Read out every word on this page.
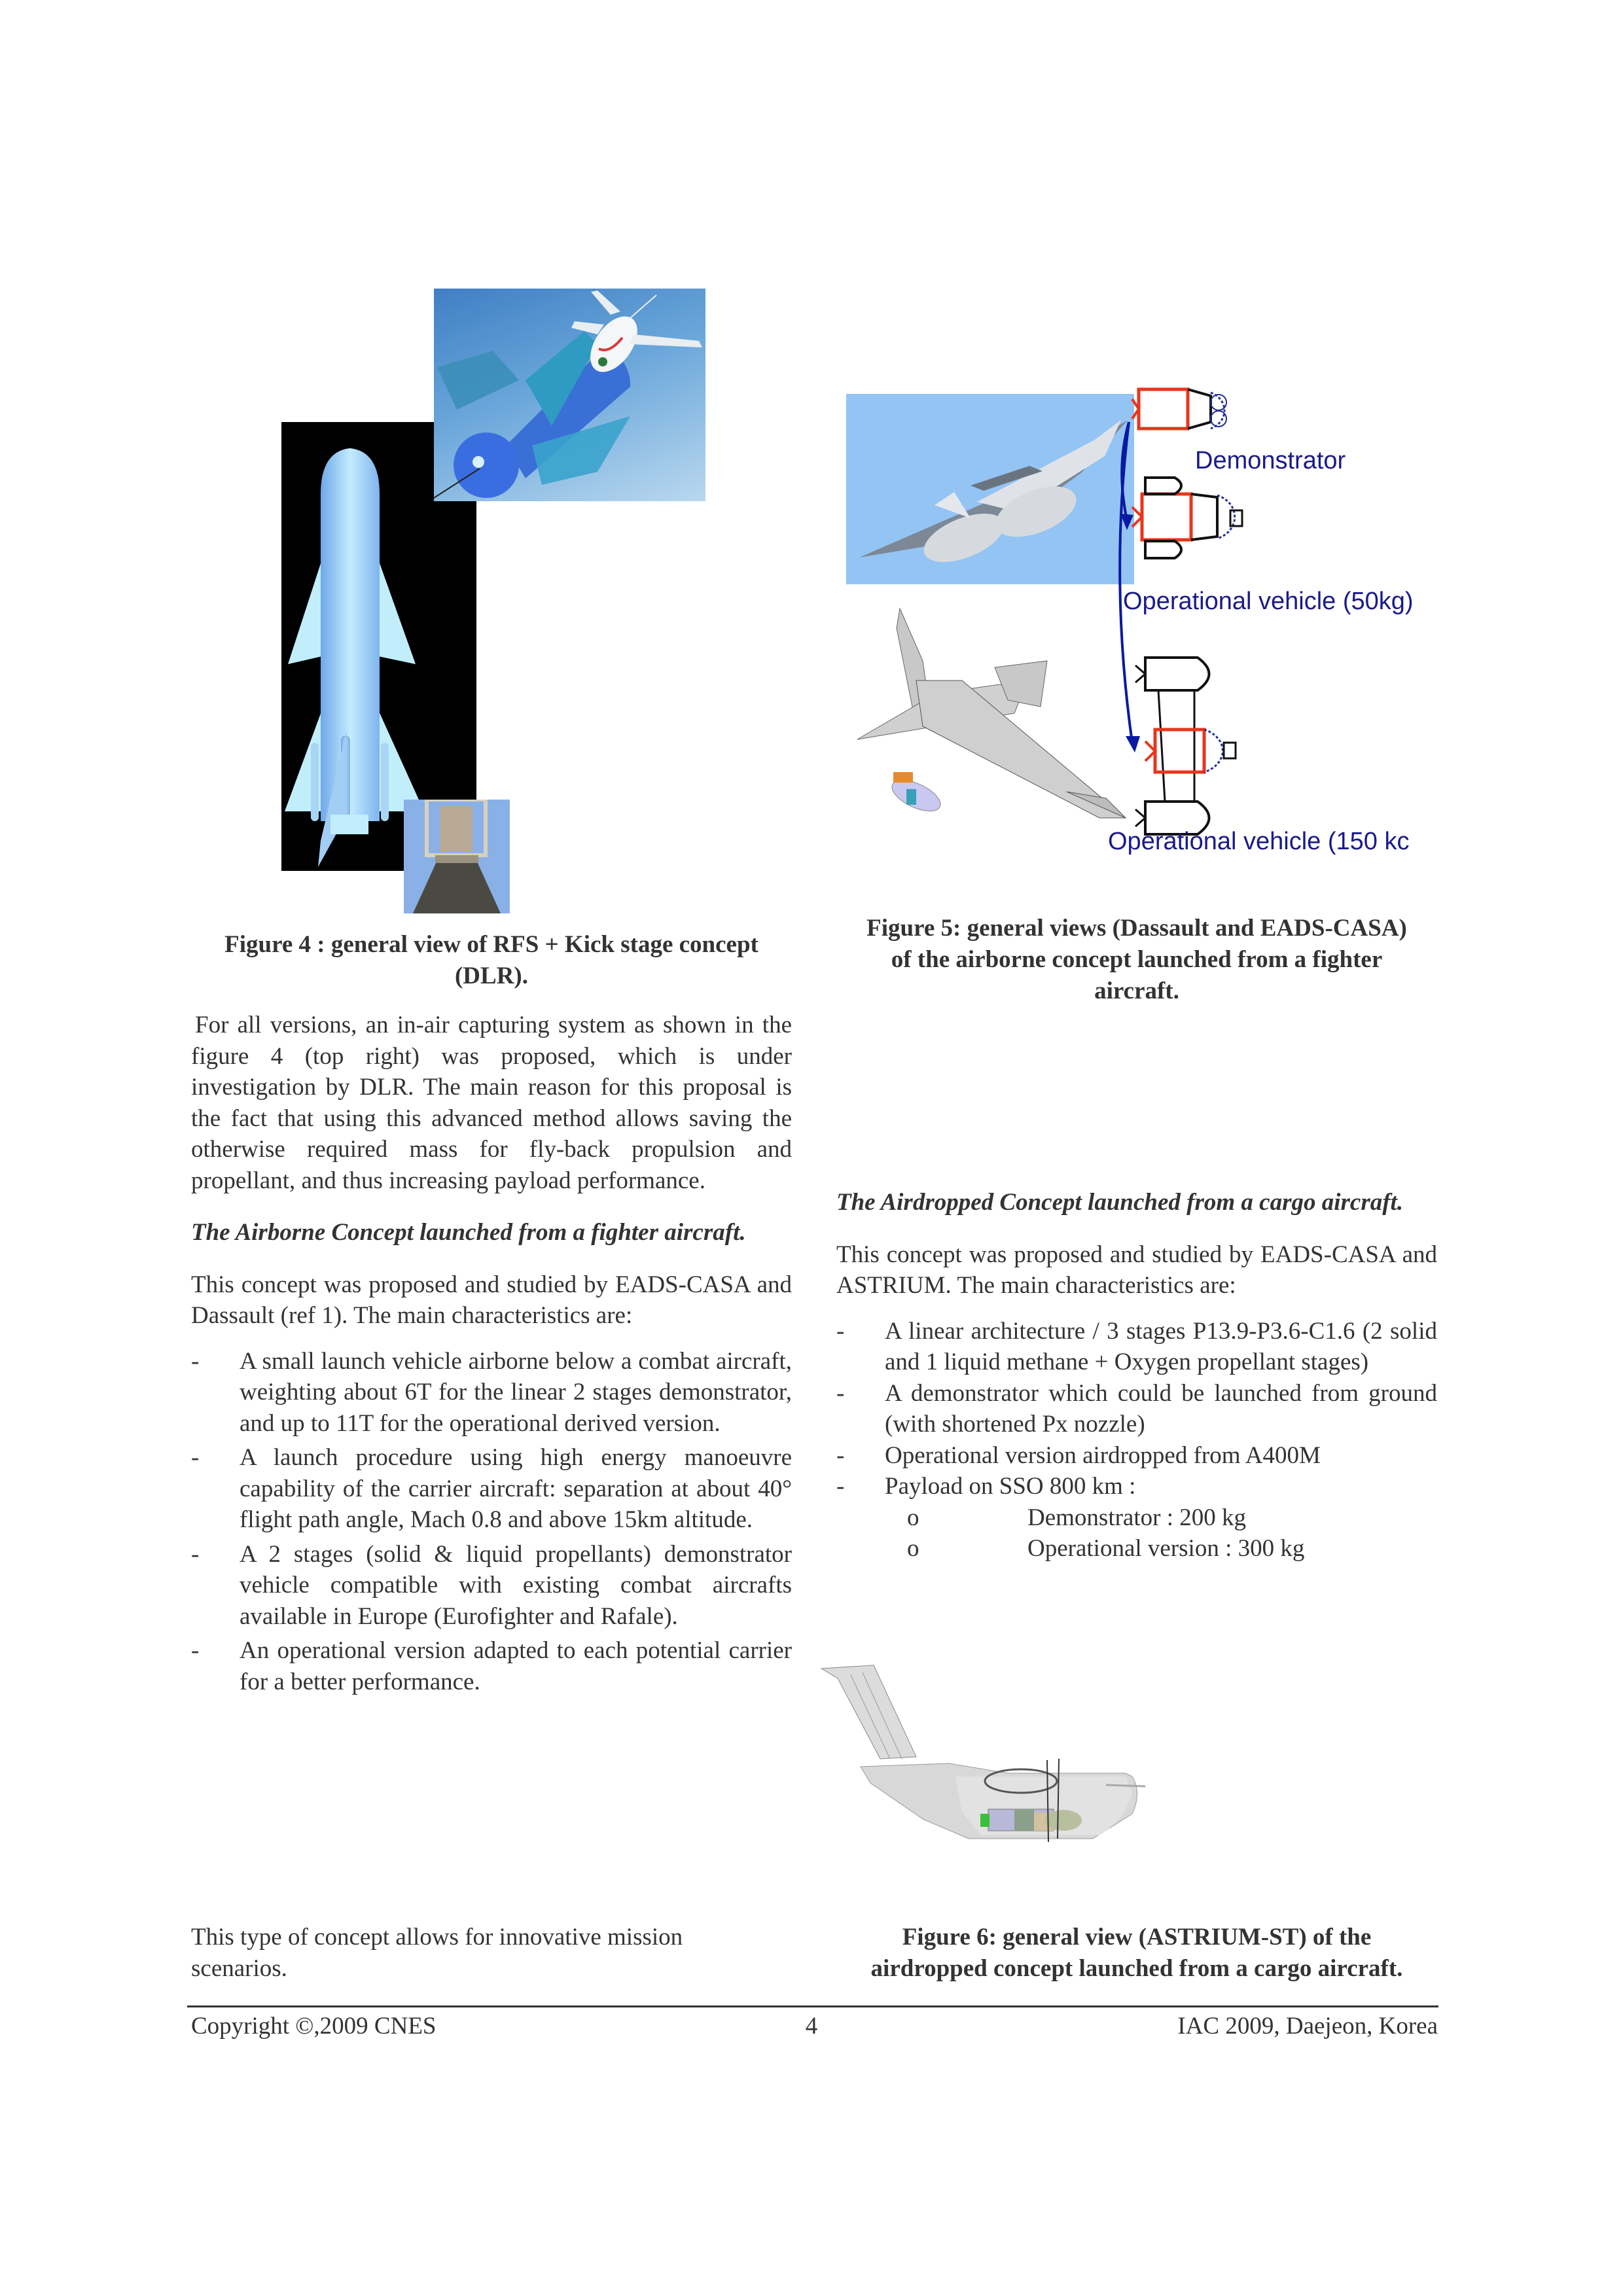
Figure 4 : general view of RFS + Kick stage concept
(DLR).

For all versions, an in-air capturing system as shown in the figure 4 (top right) was proposed, which is under investigation by DLR. The main reason for this proposal is the fact that using this advanced method allows saving the otherwise required mass for fly-back propulsion and propellant, and thus increasing payload performance.

The Airborne Concept launched from a fighter aircraft.

This concept was proposed and studied by EADS-CASA and Dassault (ref 1). The main characteristics are:

- A small launch vehicle airborne below a combat aircraft, weighting about 6T for the linear 2 stages demonstrator, and up to 11T for the operational derived version.
- A launch procedure using high energy manoeuvre capability of the carrier aircraft: separation at about 40° flight path angle, Mach 0.8 and above 15km altitude.
- A 2 stages (solid & liquid propellants) demonstrator vehicle compatible with existing combat aircrafts available in Europe (Eurofighter and Rafale).
- An operational version adapted to each potential carrier for a better performance.

This type of concept allows for innovative mission scenarios.

Demonstrator
Operational vehicle (50kg)
Operational vehicle (150 kc
Figure 5: general views (Dassault and EADS-CASA)
of the airborne concept launched from a fighter
aircraft.

The Airdropped Concept launched from a cargo aircraft.

This concept was proposed and studied by EADS-CASA and ASTRIUM. The main characteristics are:

- A linear architecture / 3 stages P13.9-P3.6-C1.6 (2 solid and 1 liquid methane + Oxygen propellant stages)
- A demonstrator which could be launched from ground (with shortened Px nozzle)
- Operational version airdropped from A400M
- Payload on SSO 800 km :
o	Demonstrator : 200 kg
o	Operational version : 300 kg
Figure 6: general view (ASTRIUM-ST) of the
airdropped concept launched from a cargo aircraft.
Copyright ©,2009 CNES	4	IAC 2009, Daejeon, Korea
